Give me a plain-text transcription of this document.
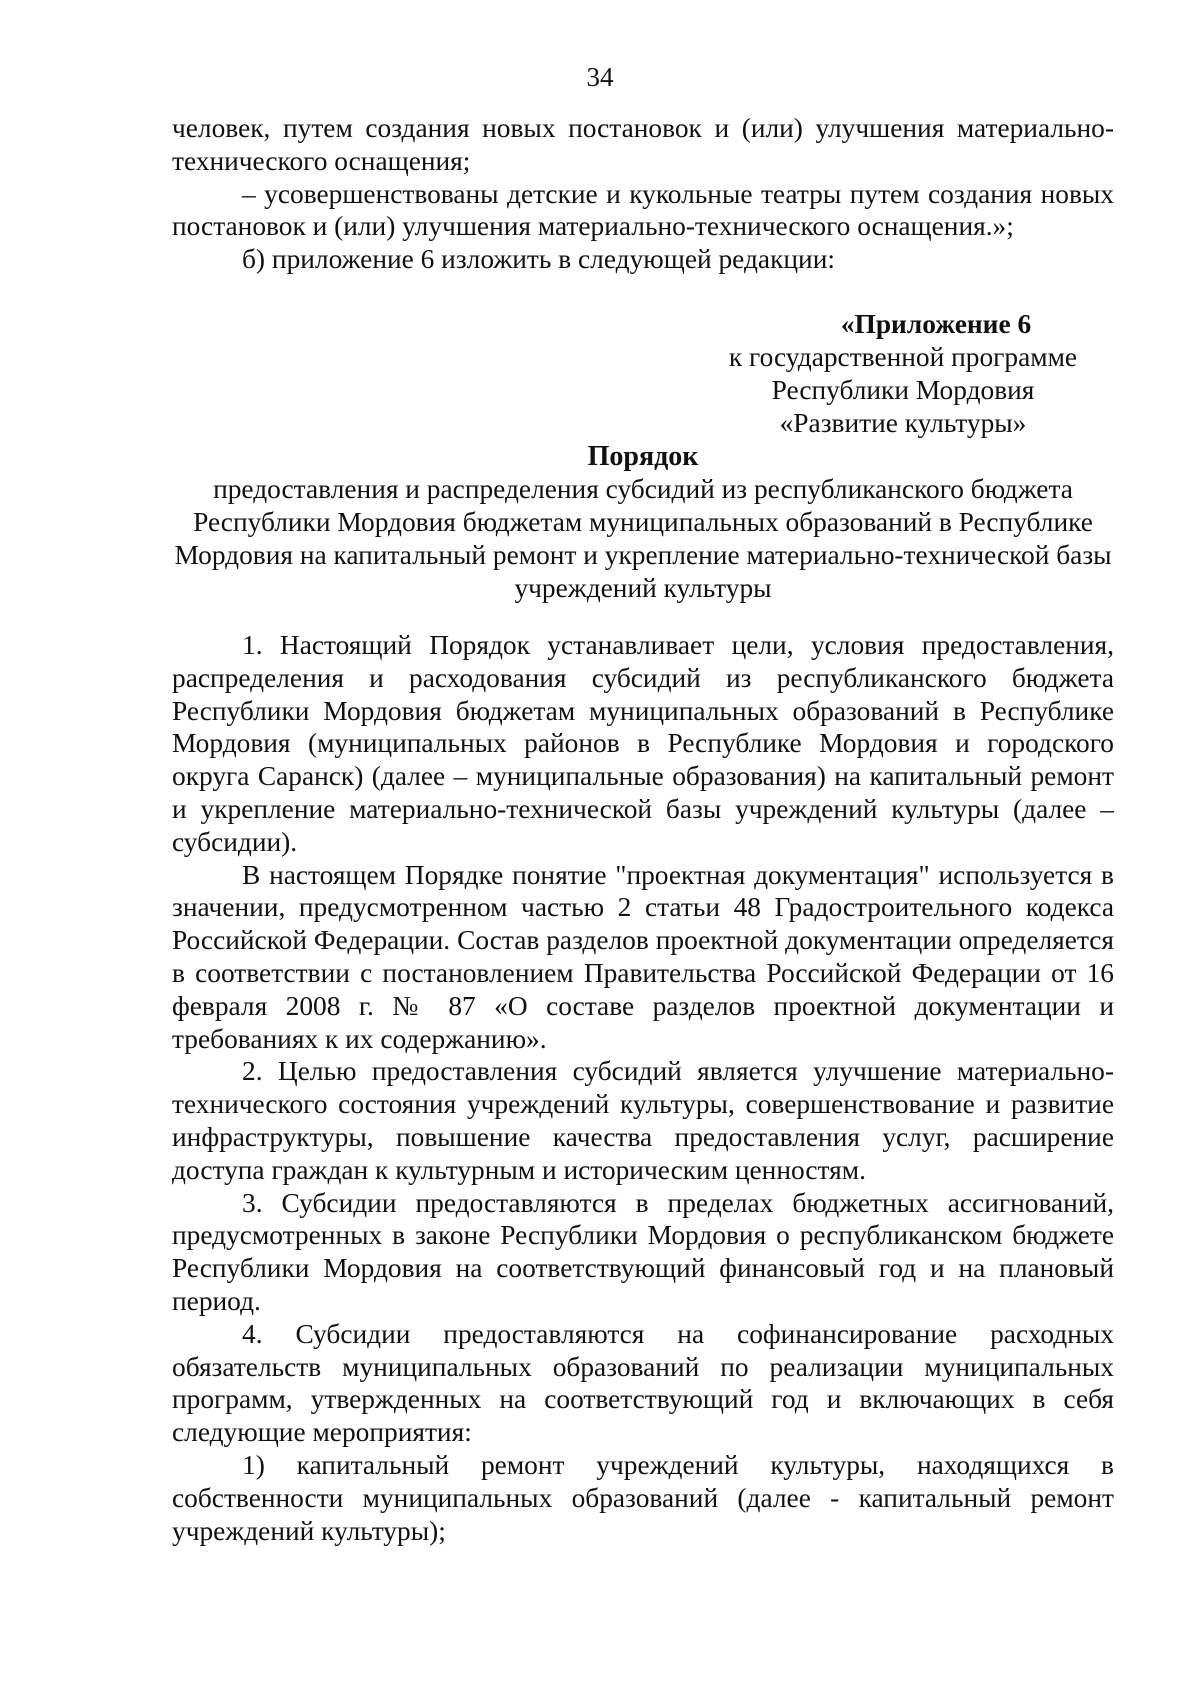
34

человек, путем создания новых постановок и (или) улучшения материально-технического оснащения;

– усовершенствованы детские и кукольные театры путем создания новых постановок и (или) улучшения материально-технического оснащения.»;

б) приложение 6 изложить в следующей редакции:

«Приложение 6
к государственной программе
Республики Мордовия
«Развитие культуры»
Порядок
предоставления и распределения субсидий из республиканского бюджета Республики Мордовия бюджетам муниципальных образований в Республике Мордовия на капитальный ремонт и укрепление материально-технической базы учреждений культуры

1. Настоящий Порядок устанавливает цели, условия предоставления, распределения и расходования субсидий из республиканского бюджета Республики Мордовия бюджетам муниципальных образований в Республике Мордовия (муниципальных районов в Республике Мордовия и городского округа Саранск) (далее – муниципальные образования) на капитальный ремонт и укрепление материально-технической базы учреждений культуры (далее – субсидии).

В настоящем Порядке понятие "проектная документация" используется в значении, предусмотренном частью 2 статьи 48 Градостроительного кодекса Российской Федерации. Состав разделов проектной документации определяется в соответствии с постановлением Правительства Российской Федерации от 16 февраля 2008 г. № 87 «О составе разделов проектной документации и требованиях к их содержанию».

2. Целью предоставления субсидий является улучшение материально-технического состояния учреждений культуры, совершенствование и развитие инфраструктуры, повышение качества предоставления услуг, расширение доступа граждан к культурным и историческим ценностям.

3. Субсидии предоставляются в пределах бюджетных ассигнований, предусмотренных в законе Республики Мордовия о республиканском бюджете Республики Мордовия на соответствующий финансовый год и на плановый период.

4. Субсидии предоставляются на софинансирование расходных обязательств муниципальных образований по реализации муниципальных программ, утвержденных на соответствующий год и включающих в себя следующие мероприятия:

1) капитальный ремонт учреждений культуры, находящихся в собственности муниципальных образований (далее - капитальный ремонт учреждений культуры);
